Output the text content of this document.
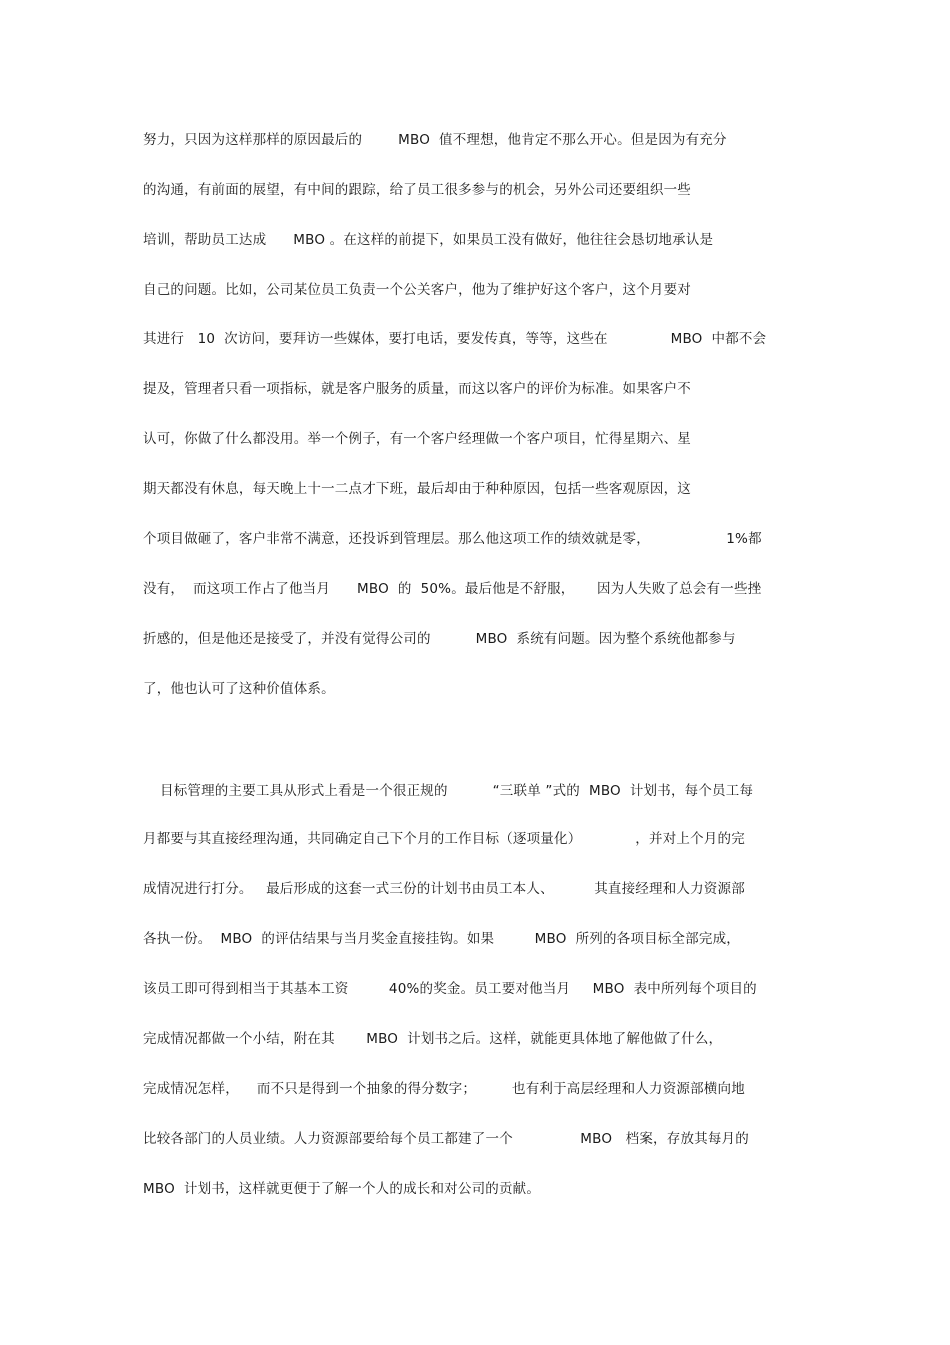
努力，只因为这样那样的原因最后的        MBO  值不理想，他肯定不那么开心。但是因为有充分
的沟通，有前面的展望，有中间的跟踪，给了员工很多参与的机会，另外公司还要组织一些
培训，帮助员工达成      MBO 。在这样的前提下，如果员工没有做好，他往往会恳切地承认是
自己的问题。比如，公司某位员工负责一个公关客户，他为了维护好这个客户，这个月要对
其进行   10  次访问，要拜访一些媒体，要打电话，要发传真，等等，这些在              MBO  中都不会
提及，管理者只看一项指标，就是客户服务的质量，而这以客户的评价为标准。如果客户不
认可，你做了什么都没用。举一个例子，有一个客户经理做一个客户项目，忙得星期六、星
期天都没有休息，每天晚上十一二点才下班，最后却由于种种原因，包括一些客观原因，这
个项目做砸了，客户非常不满意，还投诉到管理层。那么他这项工作的绩效就是零，                 1%都
没有，  而这项工作占了他当月      MBO  的  50%。最后他是不舒服，     因为人失败了总会有一些挫
折感的，但是他还是接受了，并没有觉得公司的          MBO  系统有问题。因为整个系统他都参与
了，他也认可了这种价值体系。
目标管理的主要工具从形式上看是一个很正规的          “三联单 ”式的  MBO  计划书，每个员工每
月都要与其直接经理沟通，共同确定自己下个月的工作目标（逐项量化）            ，并对上个月的完
成情况进行打分。   最后形成的这套一式三份的计划书由员工本人、         其直接经理和人力资源部
各执一份。  MBO  的评估结果与当月奖金直接挂钩。如果         MBO  所列的各项目标全部完成，
该员工即可得到相当于其基本工资         40%的奖金。员工要对他当月     MBO  表中所列每个项目的
完成情况都做一个小结，附在其       MBO  计划书之后。这样，就能更具体地了解他做了什么，
完成情况怎样，    而不只是得到一个抽象的得分数字；        也有利于高层经理和人力资源部横向地
比较各部门的人员业绩。人力资源部要给每个员工都建了一个               MBO   档案，存放其每月的
MBO  计划书，这样就更便于了解一个人的成长和对公司的贡献。
